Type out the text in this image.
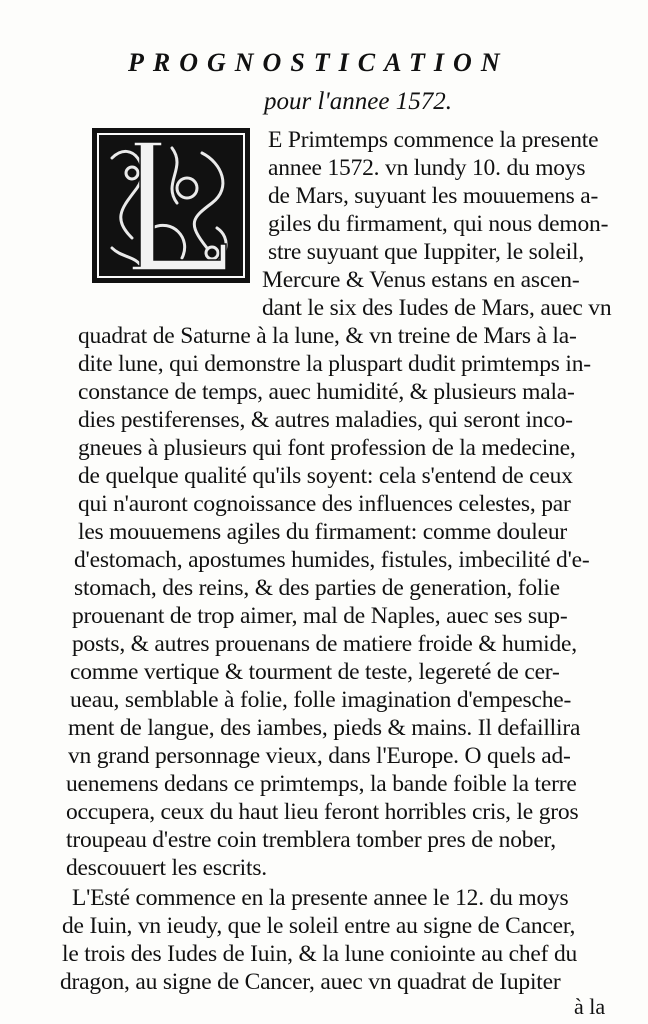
PROGNOSTICATION
pour l'annee 1572.
E Primtemps commence la presente
annee 1572. vn lundy 10. du moys
de Mars, suyuant les mouuemens a-
giles du firmament, qui nous demon-
stre suyuant que Iuppiter, le soleil,
Mercure & Venus estans en ascen-
dant le six des Iudes de Mars, auec vn
quadrat de Saturne à la lune, & vn treine de Mars à la-
dite lune, qui demonstre la pluspart dudit primtemps in-
constance de temps, auec humidité, & plusieurs mala-
dies pestiferenses, & autres maladies, qui seront inco-
gneues à plusieurs qui font profession de la medecine,
de quelque qualité qu'ils soyent: cela s'entend de ceux
qui n'auront cognoissance des influences celestes, par
les mouuemens agiles du firmament: comme douleur
d'estomach, apostumes humides, fistules, imbecilité d'e-
stomach, des reins, & des parties de generation, folie
prouenant de trop aimer, mal de Naples, auec ses sup-
posts, & autres prouenans de matiere froide & humide,
comme vertique & tourment de teste, legereté de cer-
ueau, semblable à folie, folle imagination d'empesche-
ment de langue, des iambes, pieds & mains. Il defaillira
vn grand personnage vieux, dans l'Europe. O quels ad-
uenemens dedans ce primtemps, la bande foible la terre
occupera, ceux du haut lieu feront horribles cris, le gros
troupeau d'estre coin tremblera tomber pres de nober,
descouuert les escrits.
L'Esté commence en la presente annee le 12. du moys
de Iuin, vn ieudy, que le soleil entre au signe de Cancer,
le trois des Iudes de Iuin, & la lune coniointe au chef du
dragon, au signe de Cancer, auec vn quadrat de Iupiter
à la
